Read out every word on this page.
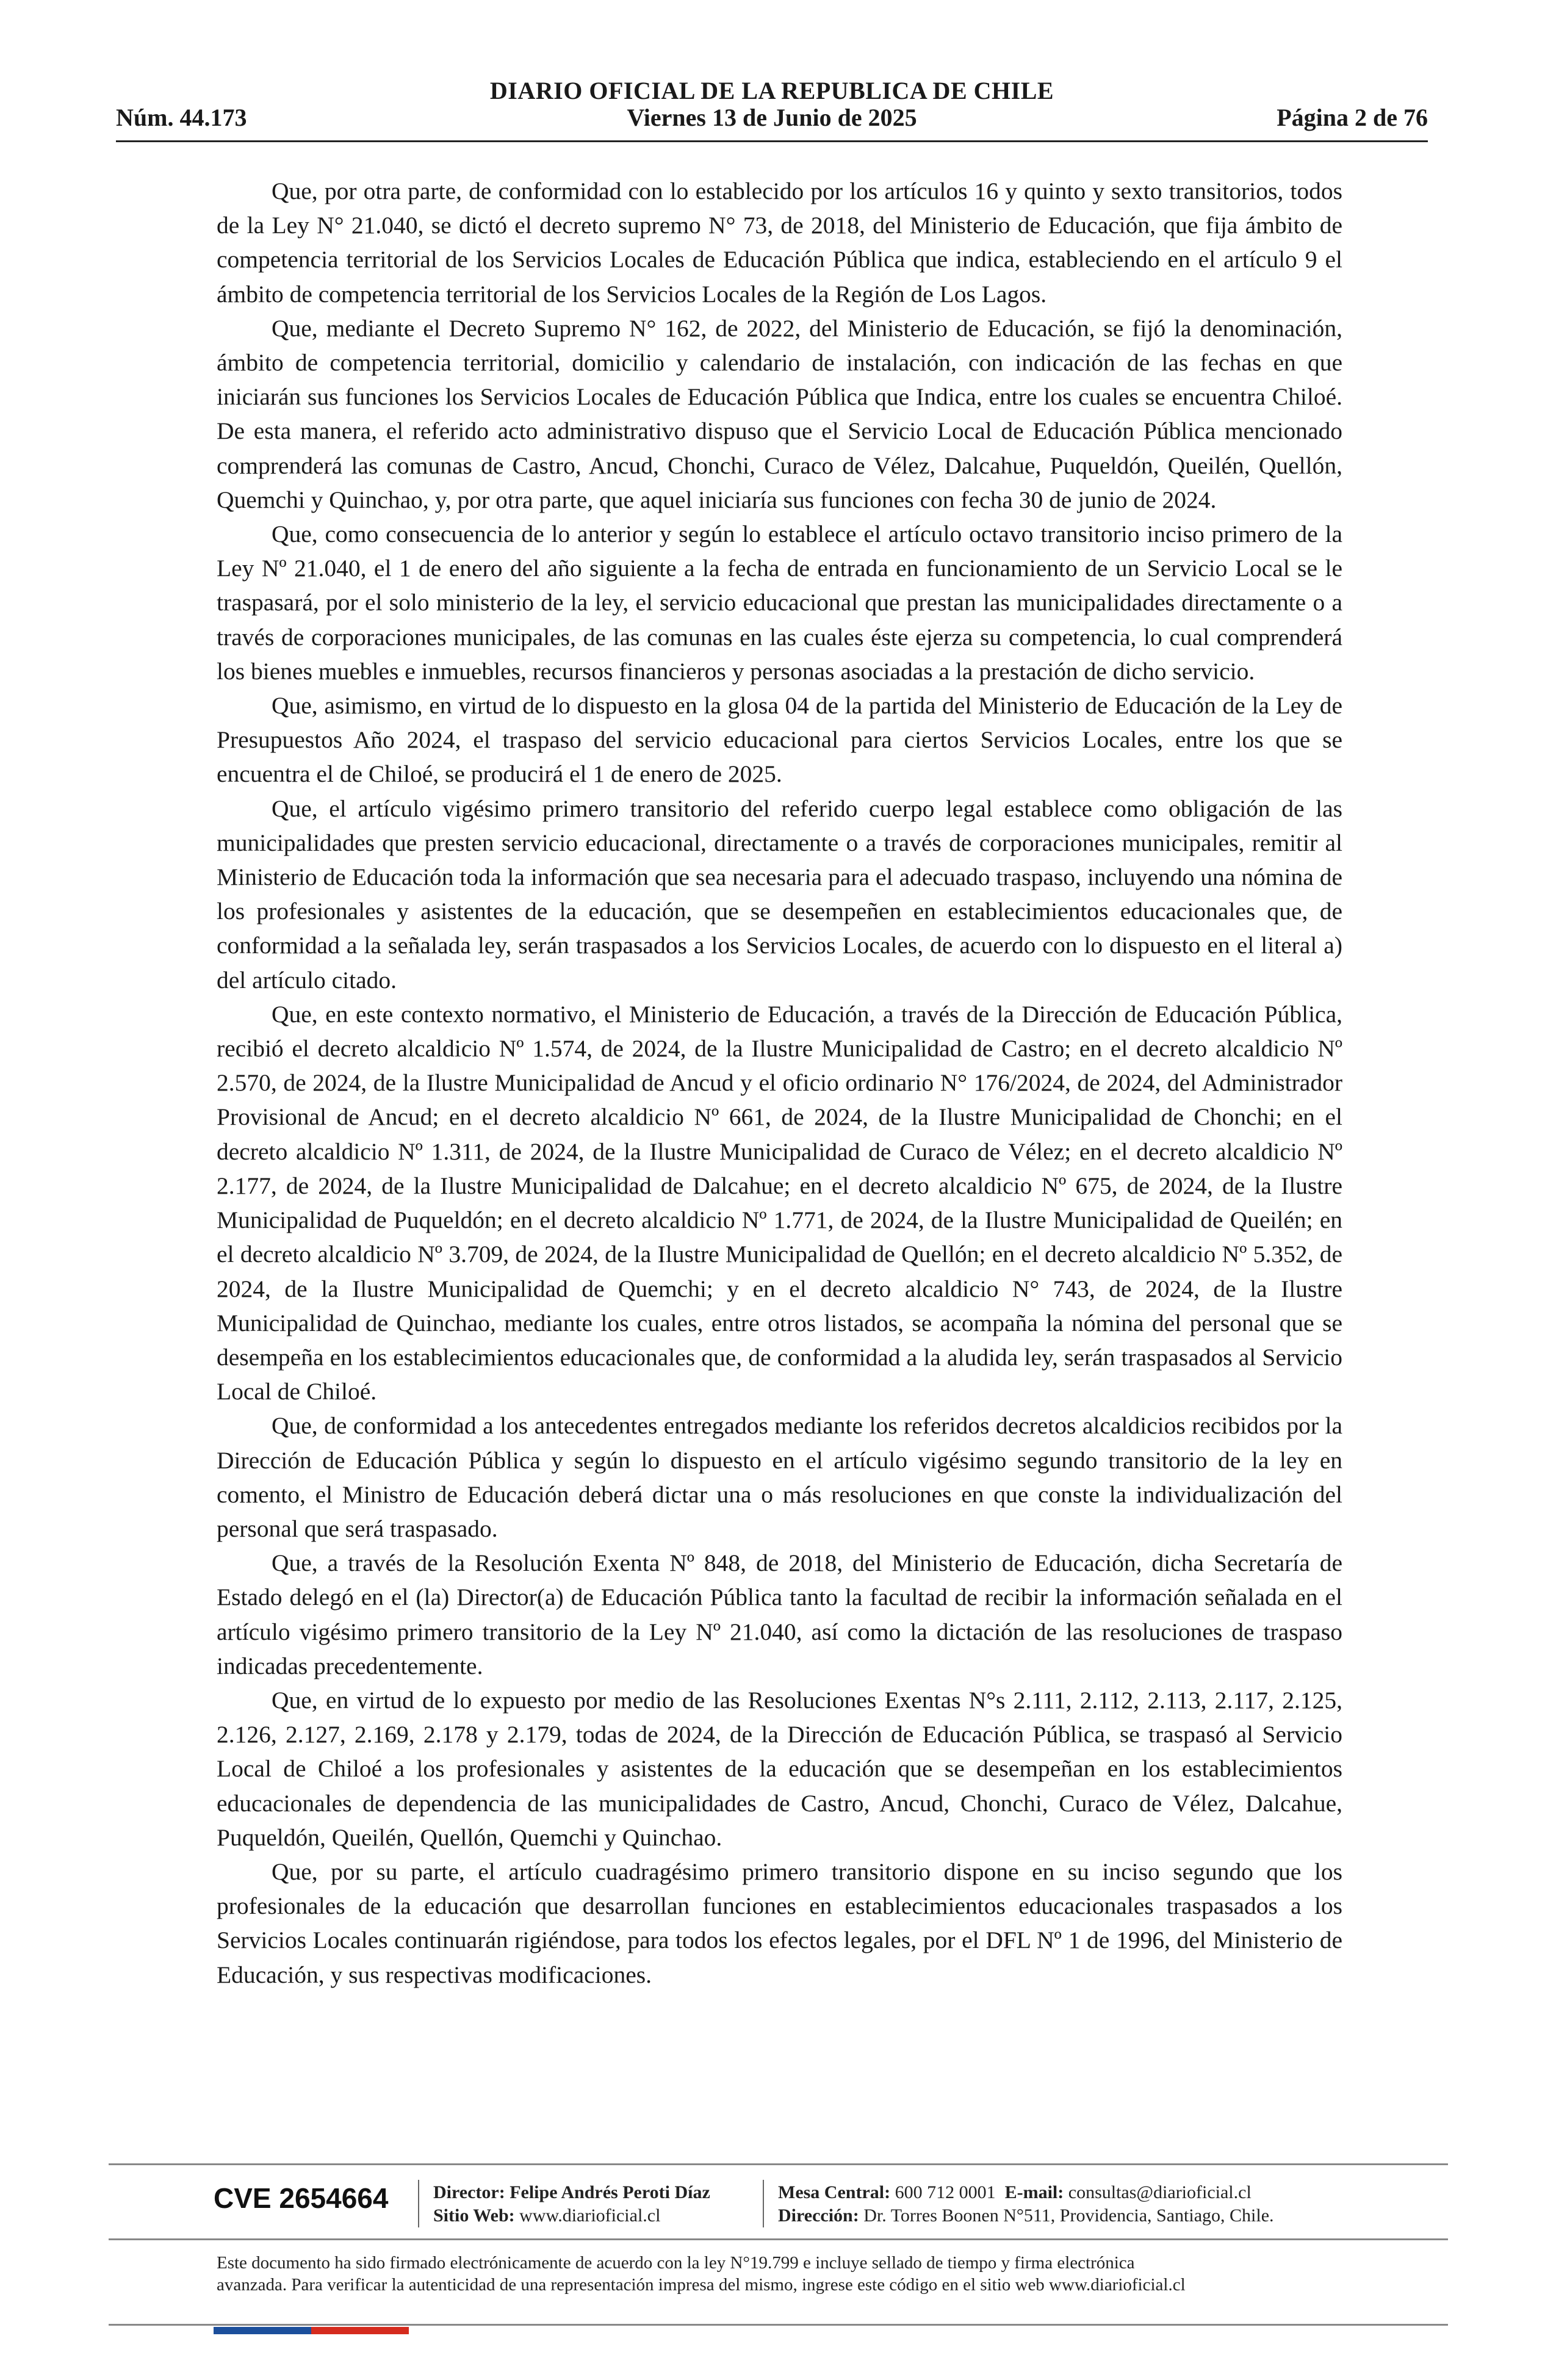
DIARIO OFICIAL DE LA REPUBLICA DE CHILE
Núm. 44.173	Viernes 13 de Junio de 2025	Página 2 de 76

Que, por otra parte, de conformidad con lo establecido por los artículos 16 y quinto y sexto transitorios, todos de la Ley N° 21.040, se dictó el decreto supremo N° 73, de 2018, del Ministerio de Educación, que fija ámbito de competencia territorial de los Servicios Locales de Educación Pública que indica, estableciendo en el artículo 9 el ámbito de competencia territorial de los Servicios Locales de la Región de Los Lagos.

Que, mediante el Decreto Supremo N° 162, de 2022, del Ministerio de Educación, se fijó la denominación, ámbito de competencia territorial, domicilio y calendario de instalación, con indicación de las fechas en que iniciarán sus funciones los Servicios Locales de Educación Pública que Indica, entre los cuales se encuentra Chiloé. De esta manera, el referido acto administrativo dispuso que el Servicio Local de Educación Pública mencionado comprenderá las comunas de Castro, Ancud, Chonchi, Curaco de Vélez, Dalcahue, Puqueldón, Queilén, Quellón, Quemchi y Quinchao, y, por otra parte, que aquel iniciaría sus funciones con fecha 30 de junio de 2024.

Que, como consecuencia de lo anterior y según lo establece el artículo octavo transitorio inciso primero de la Ley Nº 21.040, el 1 de enero del año siguiente a la fecha de entrada en funcionamiento de un Servicio Local se le traspasará, por el solo ministerio de la ley, el servicio educacional que prestan las municipalidades directamente o a través de corporaciones municipales, de las comunas en las cuales éste ejerza su competencia, lo cual comprenderá los bienes muebles e inmuebles, recursos financieros y personas asociadas a la prestación de dicho servicio.

Que, asimismo, en virtud de lo dispuesto en la glosa 04 de la partida del Ministerio de Educación de la Ley de Presupuestos Año 2024, el traspaso del servicio educacional para ciertos Servicios Locales, entre los que se encuentra el de Chiloé, se producirá el 1 de enero de 2025.

Que, el artículo vigésimo primero transitorio del referido cuerpo legal establece como obligación de las municipalidades que presten servicio educacional, directamente o a través de corporaciones municipales, remitir al Ministerio de Educación toda la información que sea necesaria para el adecuado traspaso, incluyendo una nómina de los profesionales y asistentes de la educación, que se desempeñen en establecimientos educacionales que, de conformidad a la señalada ley, serán traspasados a los Servicios Locales, de acuerdo con lo dispuesto en el literal a) del artículo citado.

Que, en este contexto normativo, el Ministerio de Educación, a través de la Dirección de Educación Pública, recibió el decreto alcaldicio Nº 1.574, de 2024, de la Ilustre Municipalidad de Castro; en el decreto alcaldicio Nº 2.570, de 2024, de la Ilustre Municipalidad de Ancud y el oficio ordinario N° 176/2024, de 2024, del Administrador Provisional de Ancud; en el decreto alcaldicio Nº 661, de 2024, de la Ilustre Municipalidad de Chonchi; en el decreto alcaldicio Nº 1.311, de 2024, de la Ilustre Municipalidad de Curaco de Vélez; en el decreto alcaldicio Nº 2.177, de 2024, de la Ilustre Municipalidad de Dalcahue; en el decreto alcaldicio Nº 675, de 2024, de la Ilustre Municipalidad de Puqueldón; en el decreto alcaldicio Nº 1.771, de 2024, de la Ilustre Municipalidad de Queilén; en el decreto alcaldicio Nº 3.709, de 2024, de la Ilustre Municipalidad de Quellón; en el decreto alcaldicio Nº 5.352, de 2024, de la Ilustre Municipalidad de Quemchi; y en el decreto alcaldicio N° 743, de 2024, de la Ilustre Municipalidad de Quinchao, mediante los cuales, entre otros listados, se acompaña la nómina del personal que se desempeña en los establecimientos educacionales que, de conformidad a la aludida ley, serán traspasados al Servicio Local de Chiloé.

Que, de conformidad a los antecedentes entregados mediante los referidos decretos alcaldicios recibidos por la Dirección de Educación Pública y según lo dispuesto en el artículo vigésimo segundo transitorio de la ley en comento, el Ministro de Educación deberá dictar una o más resoluciones en que conste la individualización del personal que será traspasado.

Que, a través de la Resolución Exenta Nº 848, de 2018, del Ministerio de Educación, dicha Secretaría de Estado delegó en el (la) Director(a) de Educación Pública tanto la facultad de recibir la información señalada en el artículo vigésimo primero transitorio de la Ley Nº 21.040, así como la dictación de las resoluciones de traspaso indicadas precedentemente.

Que, en virtud de lo expuesto por medio de las Resoluciones Exentas N°s 2.111, 2.112, 2.113, 2.117, 2.125, 2.126, 2.127, 2.169, 2.178 y 2.179, todas de 2024, de la Dirección de Educación Pública, se traspasó al Servicio Local de Chiloé a los profesionales y asistentes de la educación que se desempeñan en los establecimientos educacionales de dependencia de las municipalidades de Castro, Ancud, Chonchi, Curaco de Vélez, Dalcahue, Puqueldón, Queilén, Quellón, Quemchi y Quinchao.

Que, por su parte, el artículo cuadragésimo primero transitorio dispone en su inciso segundo que los profesionales de la educación que desarrollan funciones en establecimientos educacionales traspasados a los Servicios Locales continuarán rigiéndose, para todos los efectos legales, por el DFL Nº 1 de 1996, del Ministerio de Educación, y sus respectivas modificaciones.

CVE 2654664 Director: Felipe Andrés Peroti Díaz
Sitio Web: www.diarioficial.cl
Mesa Central: 600 712 0001 E-mail: consultas@diarioficial.cl
Dirección: Dr. Torres Boonen N°511, Providencia, Santiago, Chile.
Este documento ha sido firmado electrónicamente de acuerdo con la ley N°19.799 e incluye sellado de tiempo y firma electrónica
avanzada. Para verificar la autenticidad de una representación impresa del mismo, ingrese este código en el sitio web www.diarioficial.cl
